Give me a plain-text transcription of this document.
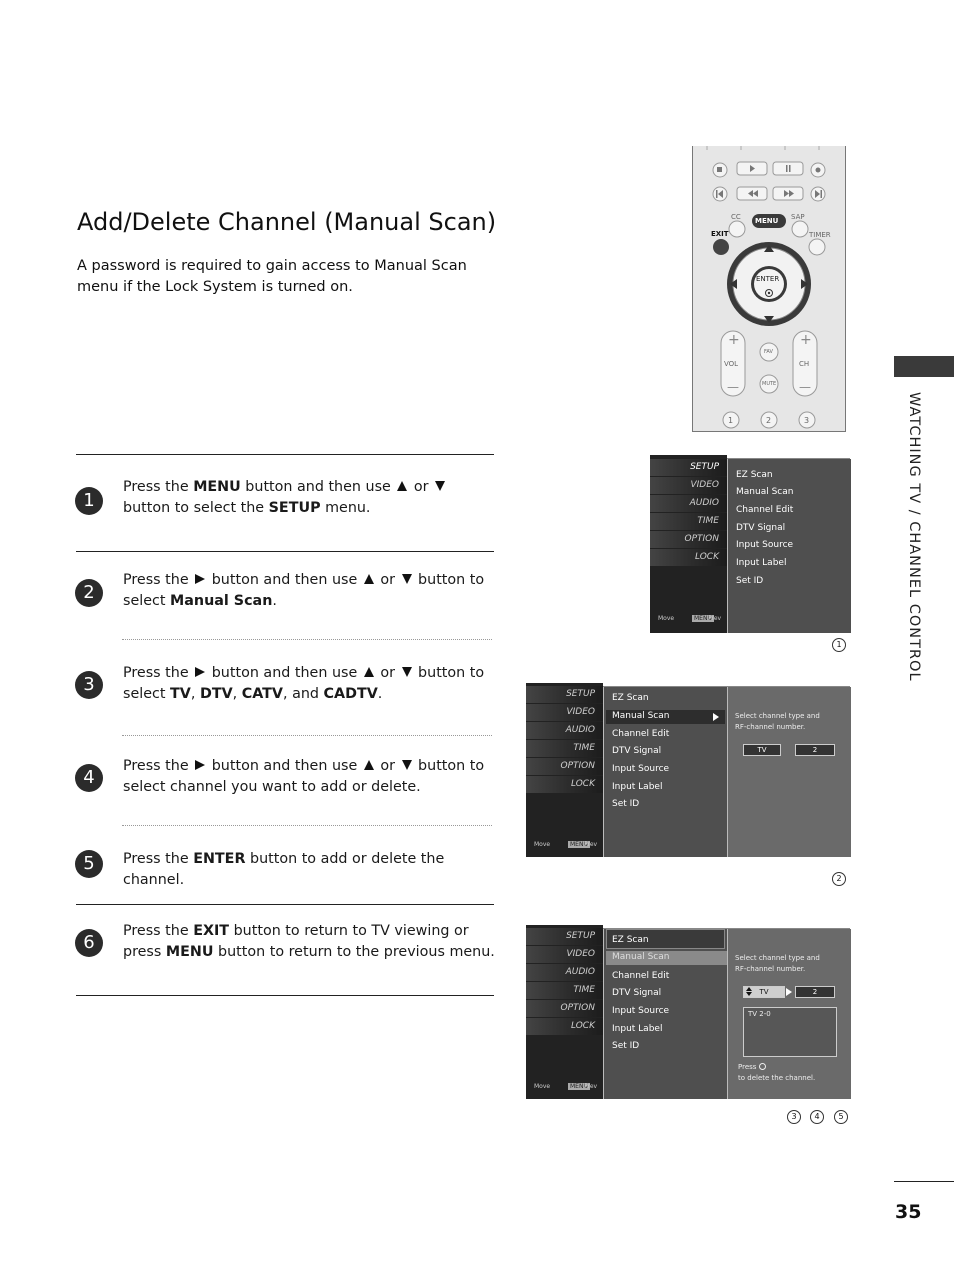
Add/Delete Channel (Manual Scan)
A password is required to gain access to Manual Scan menu if the Lock System is turned on.
1
Press the MENU button and then use  or  button to select the SETUP menu.
2
Press the  button and then use  or  button to select Manual Scan.
3
Press the  button and then use  or  button to select TV, DTV, CATV, and CADTV.
4
Press the  button and then use  or  button to select channel you want to add or delete.
5	Press the ENTER button to add or delete the channel.
6
Press the EXIT button to return to TV viewing or press MENU button to return to the previous menu.
WATCHING TV / CHANNEL CONTROL
35
CC MENU SAP
EXIT	TIMER
ENTER
+
VOL
—
+
CH
—
FAV
MUTE
1	2	3
SETUP
VIDEO
AUDIO
TIME
OPTION
LOCK
Move	MENU
Prev
EZ Scan
Manual Scan
Channel Edit
DTV Signal
Input Source
Input Label
Set ID
1
SETUP
VIDEO
AUDIO
TIME
OPTION
LOCK
Move	MENU
Prev
EZ Scan
Manual Scan
Channel Edit
DTV Signal
Input Source
Input Label
Set ID
Select channel type and
RF-channel number.
TV	2
2
SETUP
VIDEO
AUDIO
TIME
OPTION
LOCK
Move	MENU
Prev
EZ Scan
Manual Scan
Channel Edit
DTV Signal
Input Source
Input Label
Set ID
Select channel type and
RF-channel number.
TV	2
TV 2-0
Press
to delete the channel.
3	4	5
